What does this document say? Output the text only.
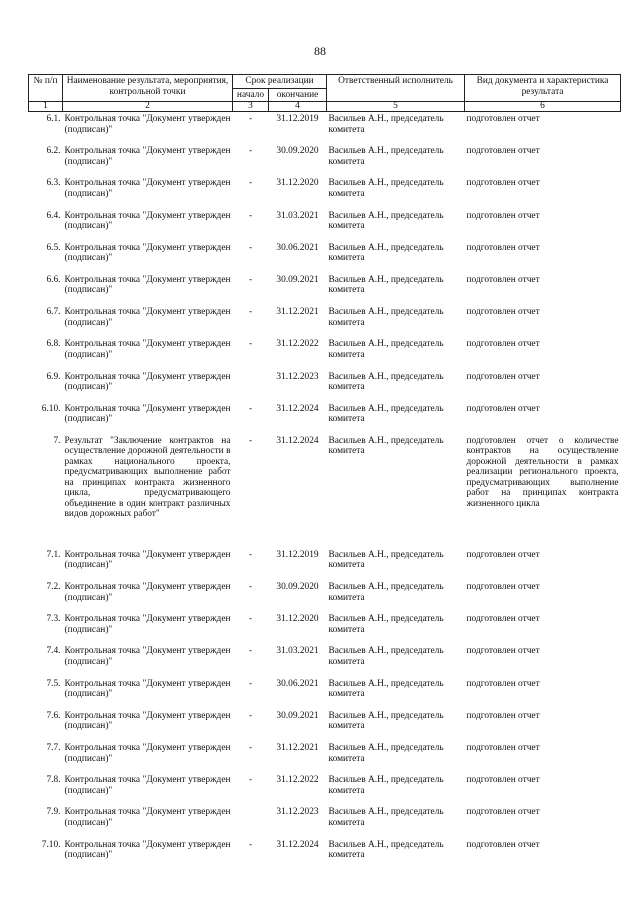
88
№ п/п	Наименование результата, мероприятия, контрольной точки	Срок реализации		Ответственный исполнитель	Вид документа и характеристика результата
		начало	окончание		
1	2	3	4	5	6
6.1.	Контрольная точка "Документ утвержден (подписан)"	-	31.12.2019	Васильев А.Н., председатель комитета	подготовлен отчет
6.2.	Контрольная точка "Документ утвержден (подписан)"	-	30.09.2020	Васильев А.Н., председатель комитета	подготовлен отчет
6.3.	Контрольная точка "Документ утвержден (подписан)"	-	31.12.2020	Васильев А.Н., председатель комитета	подготовлен отчет
6.4.	Контрольная точка "Документ утвержден (подписан)"	-	31.03.2021	Васильев А.Н., председатель комитета	подготовлен отчет
6.5.	Контрольная точка "Документ утвержден (подписан)"	-	30.06.2021	Васильев А.Н., председатель комитета	подготовлен отчет
6.6.	Контрольная точка "Документ утвержден (подписан)"	-	30.09.2021	Васильев А.Н., председатель комитета	подготовлен отчет
6.7.	Контрольная точка "Документ утвержден (подписан)"	-	31.12.2021	Васильев А.Н., председатель комитета	подготовлен отчет
6.8.	Контрольная точка "Документ утвержден (подписан)"	-	31.12.2022	Васильев А.Н., председатель комитета	подготовлен отчет
6.9.	Контрольная точка "Документ утвержден (подписан)"		31.12.2023	Васильев А.Н., председатель комитета	подготовлен отчет
6.10.	Контрольная точка "Документ утвержден (подписан)"	-	31.12.2024	Васильев А.Н., председатель комитета	подготовлен отчет
7.	Результат "Заключение контрактов на осуществление дорожной деятельности в рамках национального проекта, предусматривающих выполнение работ на принципах контракта жизненного цикла, предусматривающего объединение в один контракт различных видов дорожных работ"	-	31.12.2024	Васильев А.Н., председатель комитета	подготовлен отчет о количестве контрактов на осуществление дорожной деятельности в рамках реализации регионального проекта, предусматривающих выполнение работ на принципах контракта жизненного цикла
7.1.	Контрольная точка "Документ утвержден (подписан)"	-	31.12.2019	Васильев А.Н., председатель комитета	подготовлен отчет
7.2.	Контрольная точка "Документ утвержден (подписан)"	-	30.09.2020	Васильев А.Н., председатель комитета	подготовлен отчет
7.3.	Контрольная точка "Документ утвержден (подписан)"	-	31.12.2020	Васильев А.Н., председатель комитета	подготовлен отчет
7.4.	Контрольная точка "Документ утвержден (подписан)"	-	31.03.2021	Васильев А.Н., председатель комитета	подготовлен отчет
7.5.	Контрольная точка "Документ утвержден (подписан)"	-	30.06.2021	Васильев А.Н., председатель комитета	подготовлен отчет
7.6.	Контрольная точка "Документ утвержден (подписан)"	-	30.09.2021	Васильев А.Н., председатель комитета	подготовлен отчет
7.7.	Контрольная точка "Документ утвержден (подписан)"	-	31.12.2021	Васильев А.Н., председатель комитета	подготовлен отчет
7.8.	Контрольная точка "Документ утвержден (подписан)"	-	31.12.2022	Васильев А.Н., председатель комитета	подготовлен отчет
7.9.	Контрольная точка "Документ утвержден (подписан)"		31.12.2023	Васильев А.Н., председатель комитета	подготовлен отчет
7.10.	Контрольная точка "Документ утвержден (подписан)"	-	31.12.2024	Васильев А.Н., председатель комитета	подготовлен отчет
